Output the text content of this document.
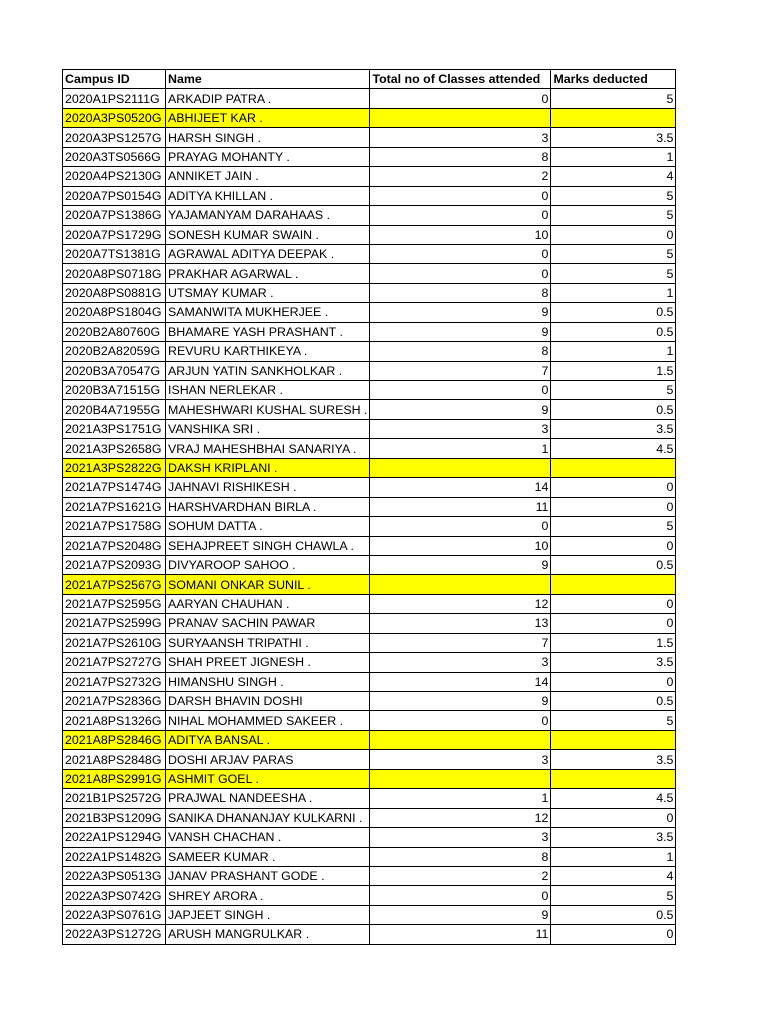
Campus ID	Name	Total no of Classes attended	Marks deducted
2020A1PS2111G	ARKADIP PATRA .	0	5
2020A3PS0520G	ABHIJEET KAR .		
2020A3PS1257G	HARSH SINGH .	3	3.5
2020A3TS0566G	PRAYAG MOHANTY .	8	1
2020A4PS2130G	ANNIKET JAIN .	2	4
2020A7PS0154G	ADITYA KHILLAN .	0	5
2020A7PS1386G	YAJAMANYAM DARAHAAS .	0	5
2020A7PS1729G	SONESH KUMAR SWAIN .	10	0
2020A7TS1381G	AGRAWAL ADITYA DEEPAK .	0	5
2020A8PS0718G	PRAKHAR AGARWAL .	0	5
2020A8PS0881G	UTSMAY KUMAR .	8	1
2020A8PS1804G	SAMANWITA MUKHERJEE .	9	0.5
2020B2A80760G	BHAMARE YASH PRASHANT .	9	0.5
2020B2A82059G	REVURU KARTHIKEYA .	8	1
2020B3A70547G	ARJUN YATIN SANKHOLKAR .	7	1.5
2020B3A71515G	ISHAN NERLEKAR .	0	5
2020B4A71955G	MAHESHWARI KUSHAL SURESH .	9	0.5
2021A3PS1751G	VANSHIKA SRI .	3	3.5
2021A3PS2658G	VRAJ MAHESHBHAI SANARIYA .	1	4.5
2021A3PS2822G	DAKSH KRIPLANI .		
2021A7PS1474G	JAHNAVI RISHIKESH .	14	0
2021A7PS1621G	HARSHVARDHAN BIRLA .	11	0
2021A7PS1758G	SOHUM DATTA .	0	5
2021A7PS2048G	SEHAJPREET SINGH CHAWLA .	10	0
2021A7PS2093G	DIVYAROOP SAHOO .	9	0.5
2021A7PS2567G	SOMANI ONKAR SUNIL .		
2021A7PS2595G	AARYAN CHAUHAN .	12	0
2021A7PS2599G	PRANAV SACHIN PAWAR	13	0
2021A7PS2610G	SURYAANSH TRIPATHI .	7	1.5
2021A7PS2727G	SHAH PREET JIGNESH .	3	3.5
2021A7PS2732G	HIMANSHU SINGH .	14	0
2021A7PS2836G	DARSH BHAVIN DOSHI	9	0.5
2021A8PS1326G	NIHAL MOHAMMED SAKEER .	0	5
2021A8PS2846G	ADITYA BANSAL .		
2021A8PS2848G	DOSHI ARJAV PARAS	3	3.5
2021A8PS2991G	ASHMIT GOEL .		
2021B1PS2572G	PRAJWAL NANDEESHA .	1	4.5
2021B3PS1209G	SANIKA DHANANJAY KULKARNI .	12	0
2022A1PS1294G	VANSH CHACHAN .	3	3.5
2022A1PS1482G	SAMEER KUMAR .	8	1
2022A3PS0513G	JANAV PRASHANT GODE .	2	4
2022A3PS0742G	SHREY ARORA .	0	5
2022A3PS0761G	JAPJEET SINGH .	9	0.5
2022A3PS1272G	ARUSH MANGRULKAR .	11	0
